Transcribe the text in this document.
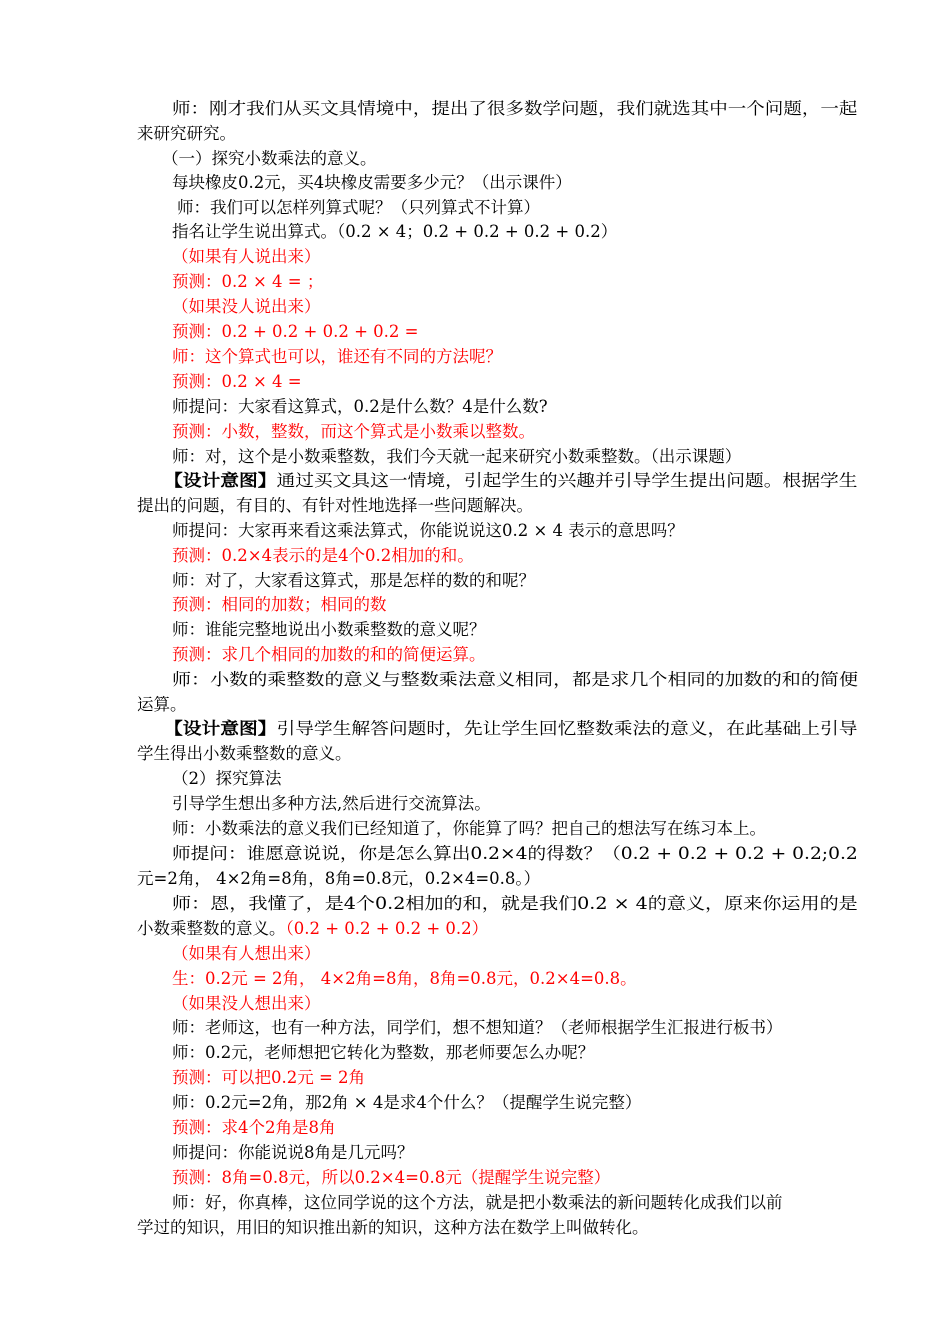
师：刚才我们从买文具情境中，提出了很多数学问题，我们就选其中一个问题，一起
来研究研究。
（一）探究小数乘法的意义。
每块橡皮0.2元，买4块橡皮需要多少元？（出示课件）
师：我们可以怎样列算式呢？（只列算式不计算）
指名让学生说出算式。（0.2 × 4；0.2 + 0.2 + 0.2 + 0.2）
（如果有人说出来）
预测：0.2 × 4 = ；
（如果没人说出来）
预测：0.2 + 0.2 + 0.2 + 0.2 =
师：这个算式也可以，谁还有不同的方法呢？
预测：0.2 × 4 =
师提问：大家看这算式，0.2是什么数？4是什么数?
预测：小数，整数，而这个算式是小数乘以整数。
师：对，这个是小数乘整数，我们今天就一起来研究小数乘整数。（出示课题）
【设计意图】通过买文具这一情境，引起学生的兴趣并引导学生提出问题。根据学生
提出的问题，有目的、有针对性地选择一些问题解决。
师提问：大家再来看这乘法算式，你能说说这0.2 × 4 表示的意思吗？
预测：0.2×4表示的是4个0.2相加的和。
师：对了，大家看这算式，那是怎样的数的和呢？
预测：相同的加数；相同的数
师：谁能完整地说出小数乘整数的意义呢？
预测：求几个相同的加数的和的简便运算。
师：小数的乘整数的意义与整数乘法意义相同，都是求几个相同的加数的和的简便
运算。
【设计意图】引导学生解答问题时，先让学生回忆整数乘法的意义，在此基础上引导
学生得出小数乘整数的意义。
（2）探究算法
引导学生想出多种方法,然后进行交流算法。
师：小数乘法的意义我们已经知道了，你能算了吗？把自己的想法写在练习本上。
师提问：谁愿意说说，你是怎么算出0.2×4的得数？（0.2 + 0.2 + 0.2 + 0.2;0.2
元=2角， 4×2角=8角，8角=0.8元，0.2×4=0.8。）
师：恩，我懂了，是4个0.2相加的和，就是我们0.2 × 4的意义，原来你运用的是
小数乘整数的意义。（0.2 + 0.2 + 0.2 + 0.2）
（如果有人想出来）
生：0.2元 = 2角， 4×2角=8角，8角=0.8元，0.2×4=0.8。
（如果没人想出来）
师：老师这，也有一种方法，同学们，想不想知道？（老师根据学生汇报进行板书）
师：0.2元，老师想把它转化为整数，那老师要怎么办呢？
预测：可以把0.2元 = 2角
师：0.2元=2角，那2角 × 4是求4个什么？（提醒学生说完整）
预测：求4个2角是8角
师提问：你能说说8角是几元吗？
预测：8角=0.8元，所以0.2×4=0.8元（提醒学生说完整）
师：好，你真棒，这位同学说的这个方法，就是把小数乘法的新问题转化成我们以前
学过的知识，用旧的知识推出新的知识，这种方法在数学上叫做转化。
